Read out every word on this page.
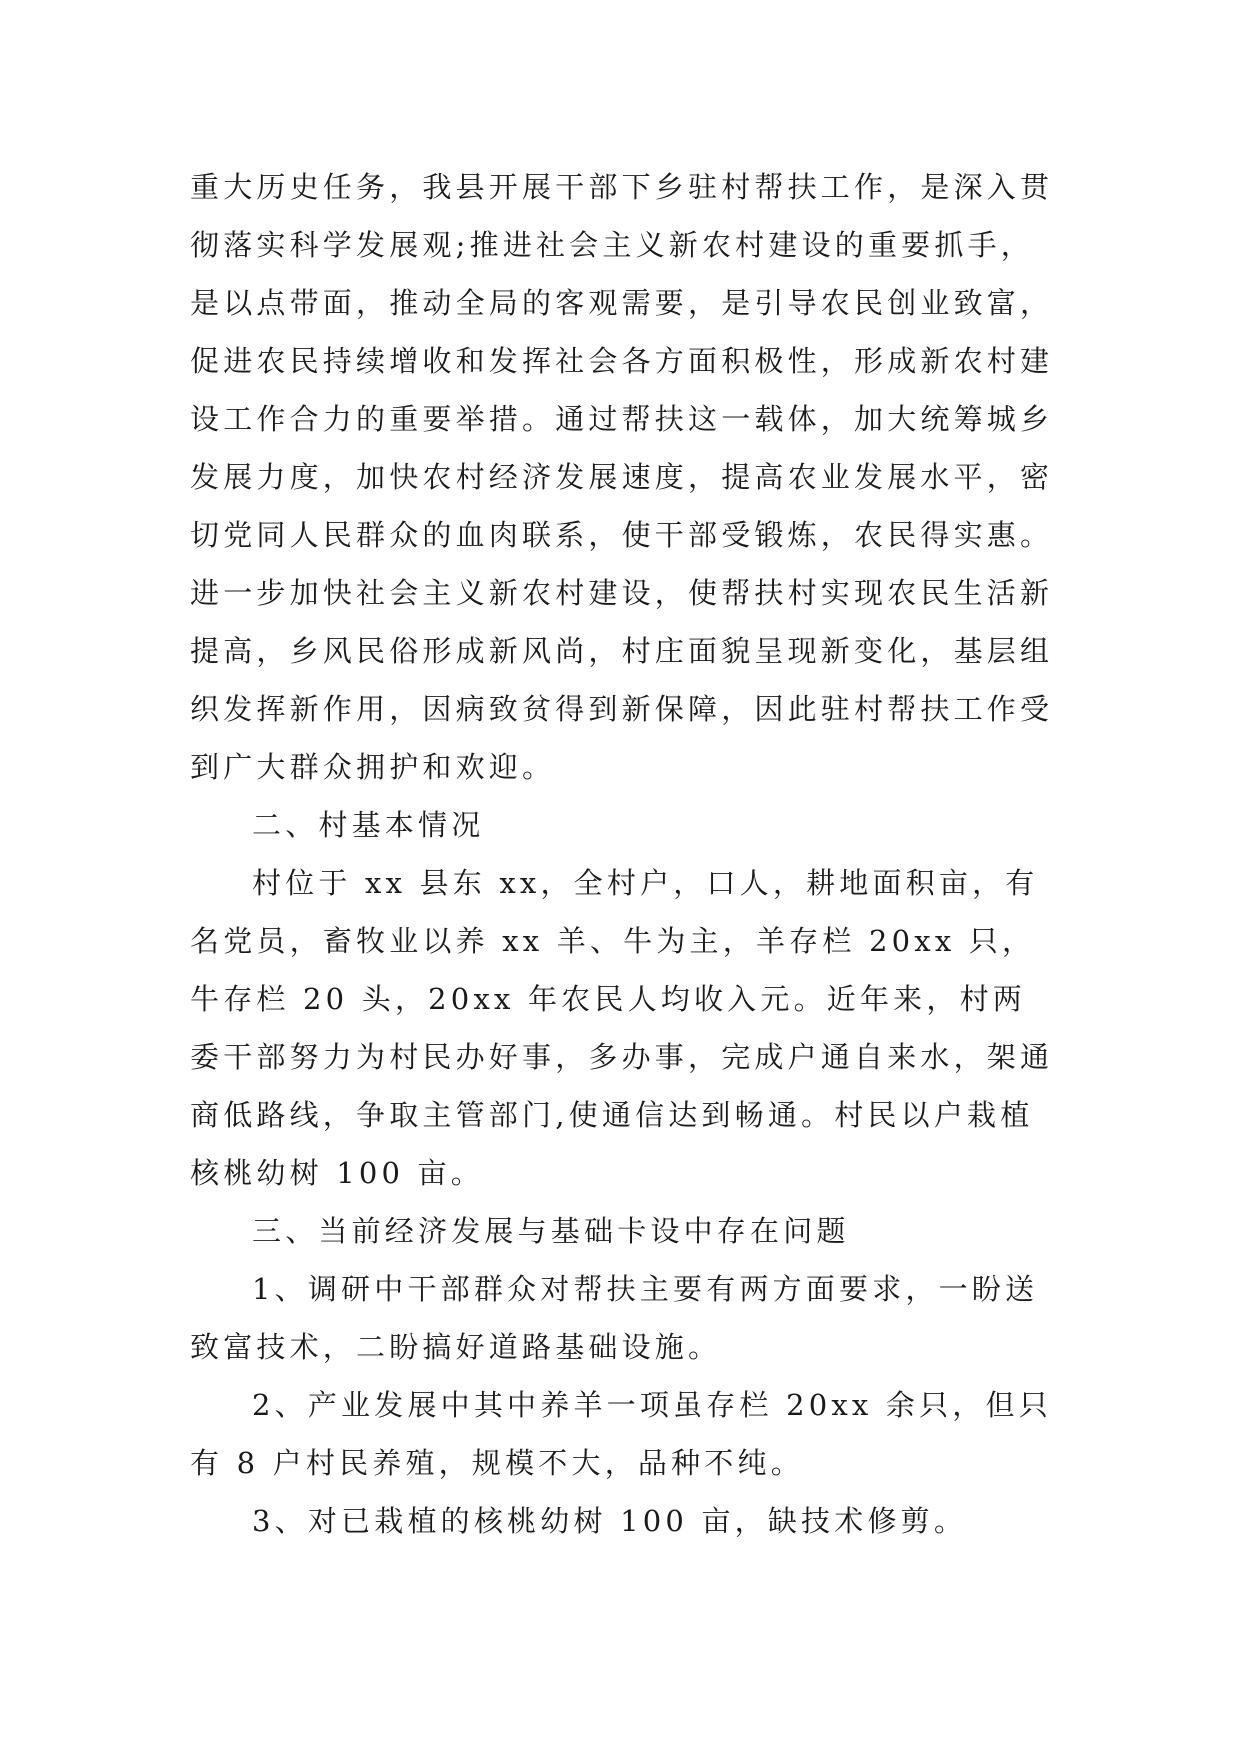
重大历史任务，我县开展干部下乡驻村帮扶工作，是深入贯彻落实科学发展观;推进社会主义新农村建设的重要抓手，是以点带面，推动全局的客观需要，是引导农民创业致富，促进农民持续增收和发挥社会各方面积极性，形成新农村建设工作合力的重要举措。通过帮扶这一载体，加大统筹城乡发展力度，加快农村经济发展速度，提高农业发展水平，密切党同人民群众的血肉联系，使干部受锻炼，农民得实惠。进一步加快社会主义新农村建设，使帮扶村实现农民生活新提高，乡风民俗形成新风尚，村庄面貌呈现新变化，基层组织发挥新作用，因病致贫得到新保障，因此驻村帮扶工作受到广大群众拥护和欢迎。

二、村基本情况

村位于 xx 县东 xx，全村户，口人，耕地面积亩，有名党员，畜牧业以养 xx 羊、牛为主，羊存栏 20xx 只，牛存栏 20 头，20xx 年农民人均收入元。近年来，村两委干部努力为村民办好事，多办事，完成户通自来水，架通商低路线，争取主管部门,使通信达到畅通。村民以户栽植核桃幼树 100 亩。

三、当前经济发展与基础卡设中存在问题

1、调研中干部群众对帮扶主要有两方面要求，一盼送致富技术，二盼搞好道路基础设施。

2、产业发展中其中养羊一项虽存栏 20xx 余只，但只有 8 户村民养殖，规模不大，品种不纯。

3、对已栽植的核桃幼树 100 亩，缺技术修剪。
